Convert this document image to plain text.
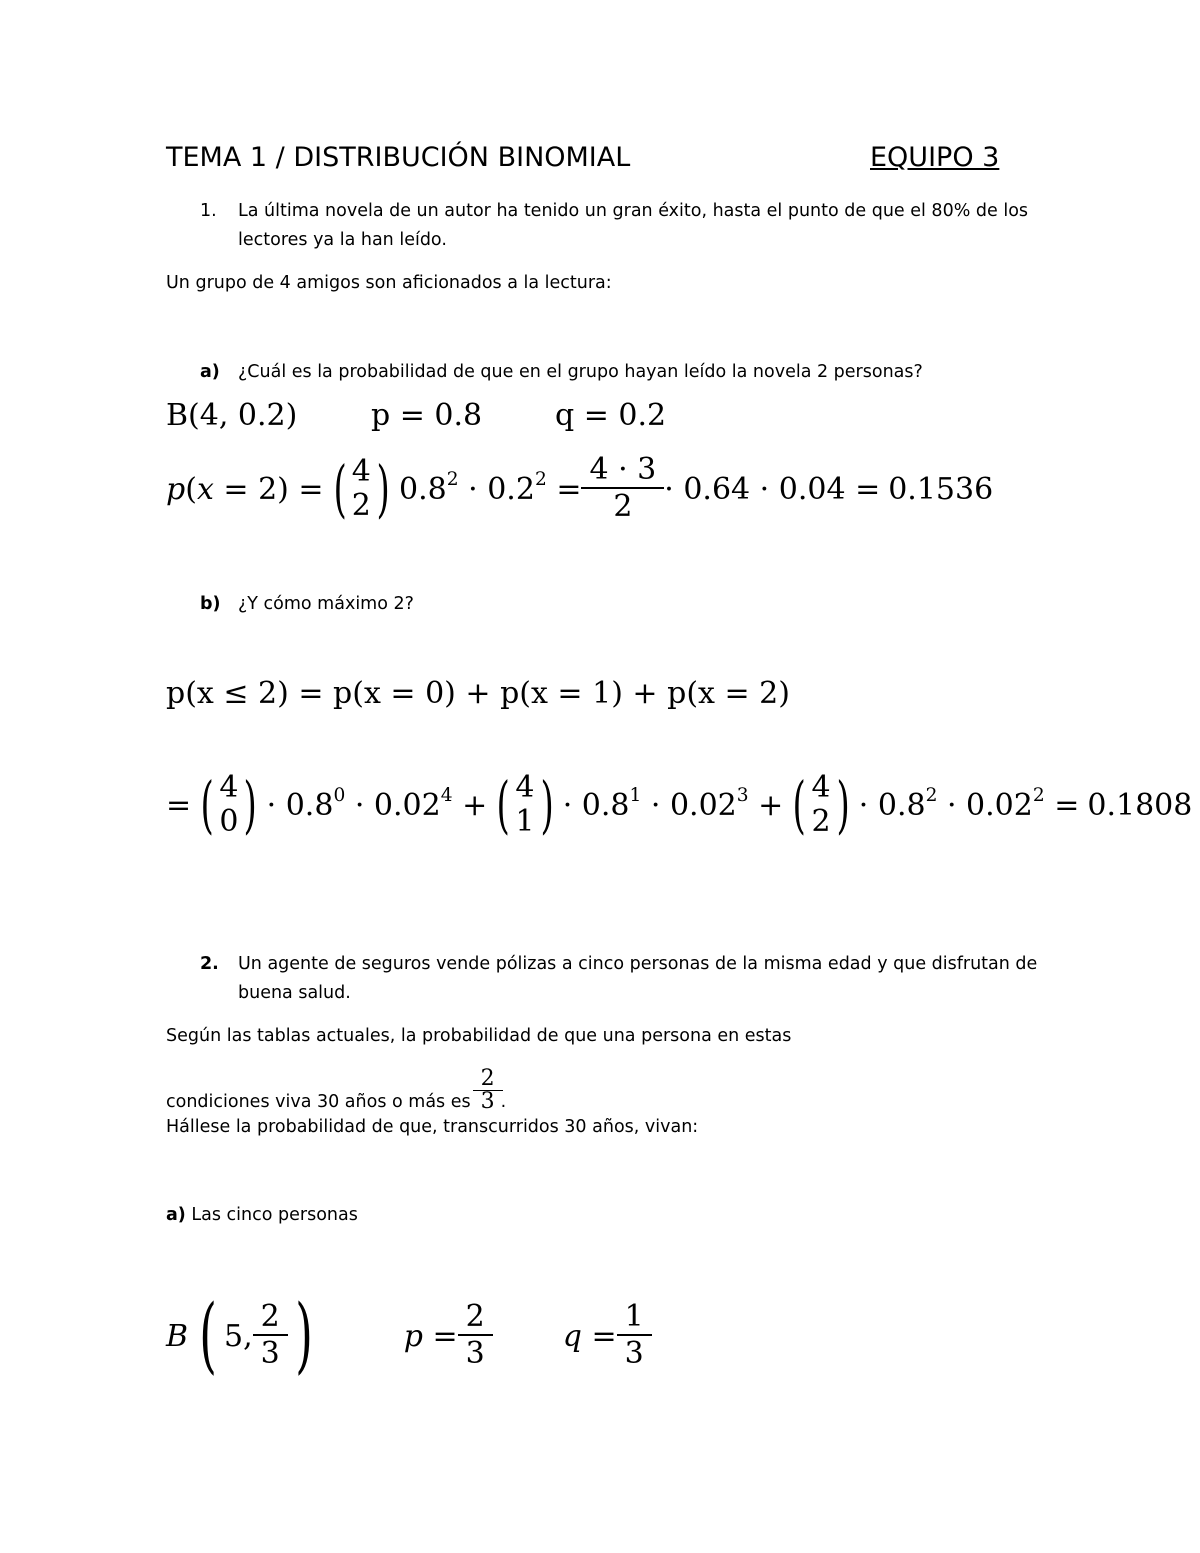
TEMA 1 / DISTRIBUCIÓN BINOMIAL	EQUIPO 3
1. La última novela de un autor ha tenido un gran éxito, hasta el punto de que el 80% de los
lectores ya la han leído.
Un grupo de 4 amigos son aficionados a la lectura:
a) ¿Cuál es la probabilidad de que en el grupo hayan leído la novela 2 personas?
B(4, 0.2)	p = 0.8	q = 0.2
p(x = 2) = ( 4
2 ) $0.8^2 \cdot 0.2^2 = \frac{4 \cdot 3}{2} \cdot 0.64 \cdot 0.04 = 0.1536$
b) ¿Y cómo máximo 2?
p(x ≤ 2) = p(x = 0) + p(x = 1) + p(x = 2)
= ( 4
0 ) · $0.8^0 \cdot 0.02^4$ + ( 4
1 ) · $0.8^1 \cdot 0.02^3$ + ( 4
2 ) · $0.8^2 \cdot 0.02^2 = 0.1808$
2. Un agente de seguros vende pólizas a cinco personas de la misma edad y que disfrutan de
buena salud.
Según las tablas actuales, la probabilidad de que una persona en estas
condiciones viva 30 años o más es $\frac{2}{3}$ .
Hállese la probabilidad de que, transcurridos 30 años, vivan:
a) Las cinco personas
B ( 5, $\frac{2}{3}$ )	$p = \frac{2}{3}$ $q = \frac{1}{3}$
